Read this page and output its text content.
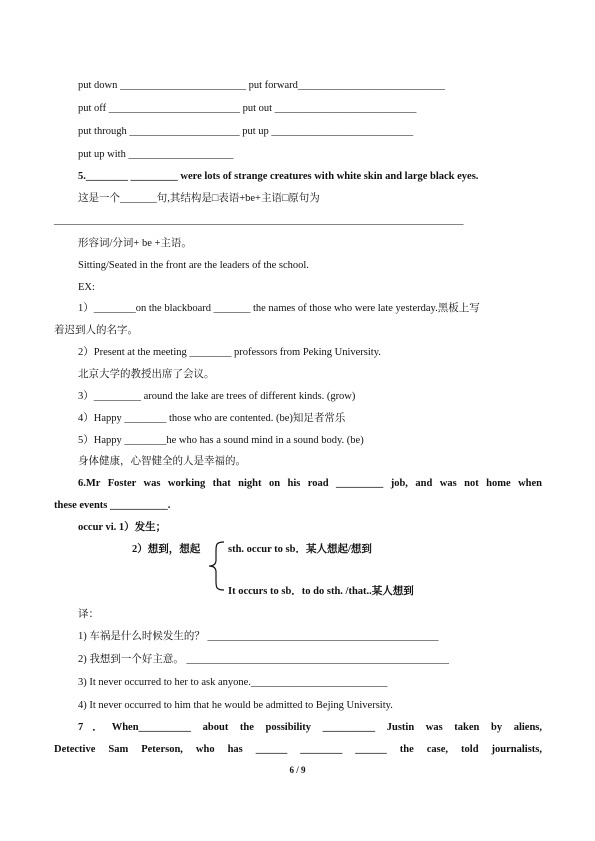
put down ________________________ put forward____________________________
put off _________________________ put out ___________________________
put through _____________________ put up ___________________________
put up with ____________________
5.________ _________ were lots of strange creatures with white skin and large black eyes.
这是一个_______句,其结构是□表语+be+主语□原句为
______________________________________________________________________________
形容词/分词+ be +主语。
Sitting/Seated in the front are the leaders of the school.
EX:
1）________on the blackboard _______ the names of those who were late yesterday.黑板上写
着迟到人的名字。
2）Present at the meeting ________ professors from Peking University.
北京大学的教授出席了会议。
3）_________ around the lake are trees of different kinds. (grow)
4）Happy ________ those who are contented. (be)知足者常乐
5）Happy ________he who has a sound mind in a sound body. (be)
身体健康，心智健全的人是幸福的。
6.Mr Foster was working that night on his road _________ job, and was not home when
these events ___________.
occur vi. 1）发生；
2）想到，想起	sth. occur to sb．某人想起/想到
It occurs to sb．to do sth. /that..某人想到
译：
1) 车祸是什么时候发生的？ ____________________________________________
2) 我想到一个好主意。 __________________________________________________
3) It never occurred to her to ask anyone.__________________________
4) It never occurred to him that he would be admitted to Bejing University.
7．When__________ about the possibility __________ Justin was taken by aliens,
Detective Sam Peterson, who has ______ ________ ______ the case, told journalists,
6 / 9
